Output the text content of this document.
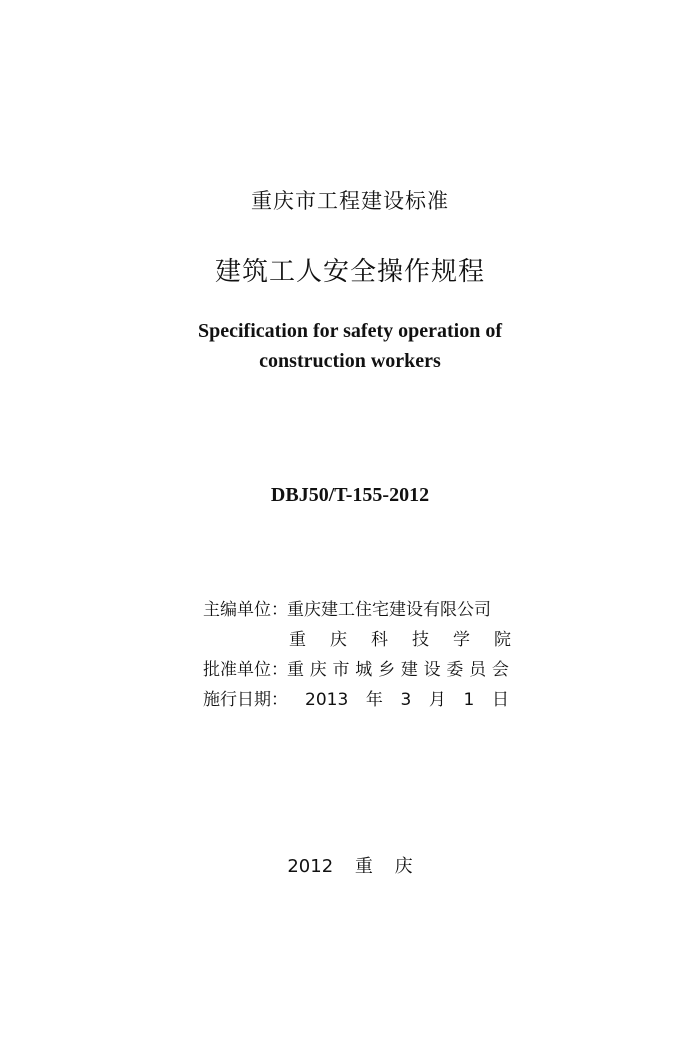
重庆市工程建设标准
建筑工人安全操作规程
Specification for safety operation of
construction workers
DBJ50/T-155-2012
主编单位： 重庆建工住宅建设有限公司
重 庆 科 技 学 院
批准单位： 重 庆 市 城 乡 建 设 委 员 会
施行日期： 2013 年 3 月 1 日
2012 重 庆
